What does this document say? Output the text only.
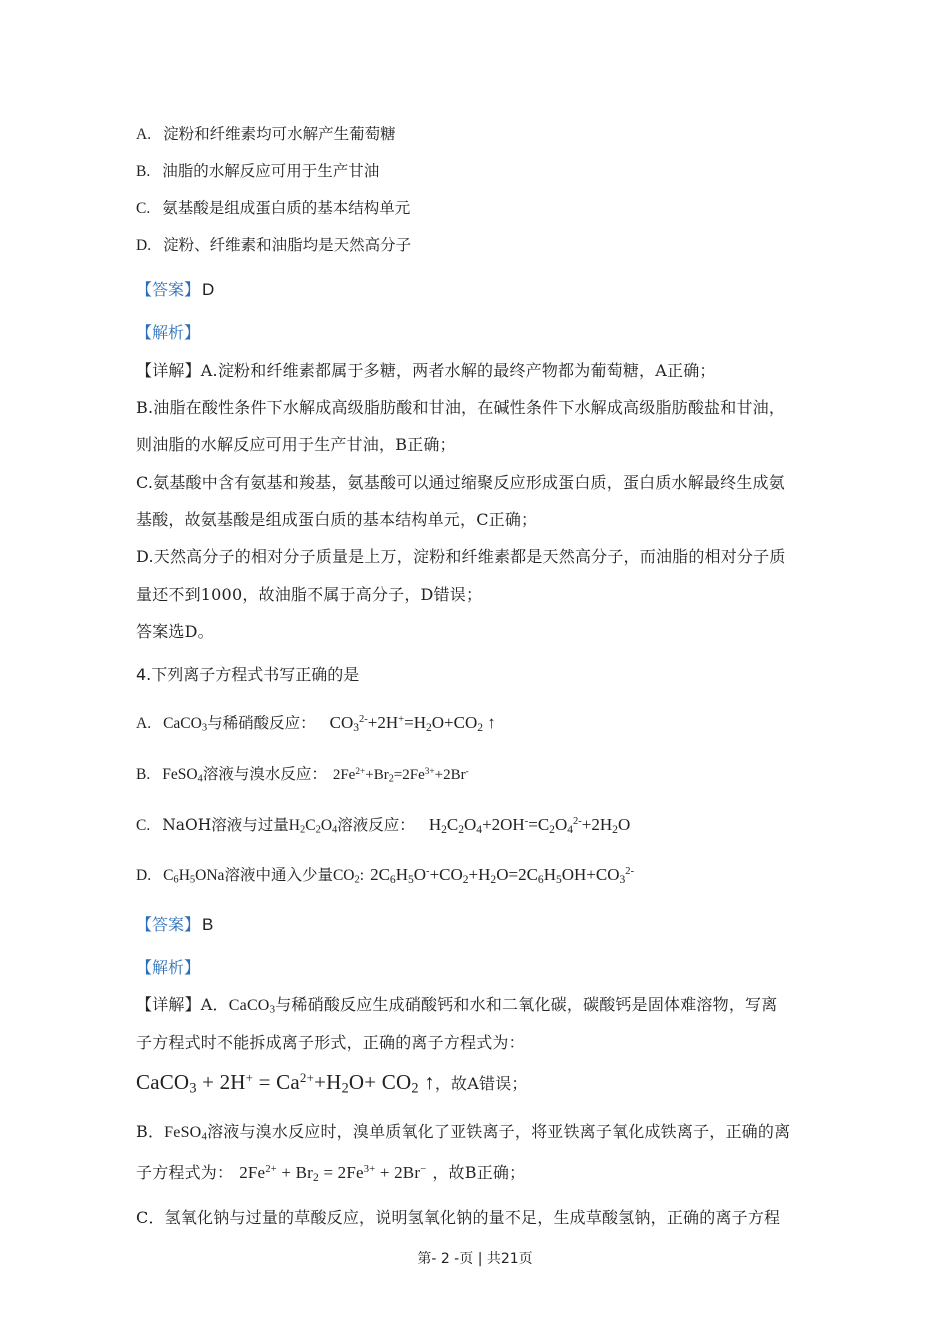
A. 淀粉和纤维素均可水解产生葡萄糖
B. 油脂的水解反应可用于生产甘油
C. 氨基酸是组成蛋白质的基本结构单元
D. 淀粉、纤维素和油脂均是天然高分子
【答案】 D
【解析】
【详解】A.淀粉和纤维素都属于多糖，两者水解的最终产物都为葡萄糖，A正确；
B.油脂在酸性条件下水解成高级脂肪酸和甘油，在碱性条件下水解成高级脂肪酸盐和甘油，
则油脂的水解反应可用于生产甘油，B正确；
C.氨基酸中含有氨基和羧基，氨基酸可以通过缩聚反应形成蛋白质，蛋白质水解最终生成氨
基酸，故氨基酸是组成蛋白质的基本结构单元，C正确；
D.天然高分子的相对分子质量是上万，淀粉和纤维素都是天然高分子，而油脂的相对分子质
量还不到1000，故油脂不属于高分子，D错误；
答案选D。
4.下列离子方程式书写正确的是
A. CaCO$_3$与稀硝酸反应： $CO_3^{2-}+2H^+=H_2O+CO_2$ ↑
B. FeSO$_4$溶液与溴水反应： $2Fe^{2+}+Br_2=2Fe^{3+}+2Br^-$
C. NaOH溶液与过量$H_2C_2O_4$溶液反应： $H_2C_2O_4+2OH^-=C_2O_4^{2-}+2H_2O$
D. $C_6H_5ONa$溶液中通入少量$CO_2$: $2C_6H_5O^-+CO_2+H_2O=2C_6H_5OH+CO_3^{2-}$
【答案】 B
【解析】
【详解】A．CaCO$_3$与稀硝酸反应生成硝酸钙和水和二氧化碳，碳酸钙是固体难溶物，写离
子方程式时不能拆成离子形式，正确的离子方程式为：
CaCO$_3$ + $2H^+ = Ca^{2+}+H_2O+ CO_2$ ↑，故A错误；
B．FeSO$_4$溶液与溴水反应时，溴单质氧化了亚铁离子，将亚铁离子氧化成铁离子，正确的离
子方程式为： $2Fe^{2+} + Br_2 = 2Fe^{3+} + 2Br^-$ ，故B正确；
C．氢氧化钠与过量的草酸反应，说明氢氧化钠的量不足，生成草酸氢钠，正确的离子方程
第- 2 -页 | 共21页
